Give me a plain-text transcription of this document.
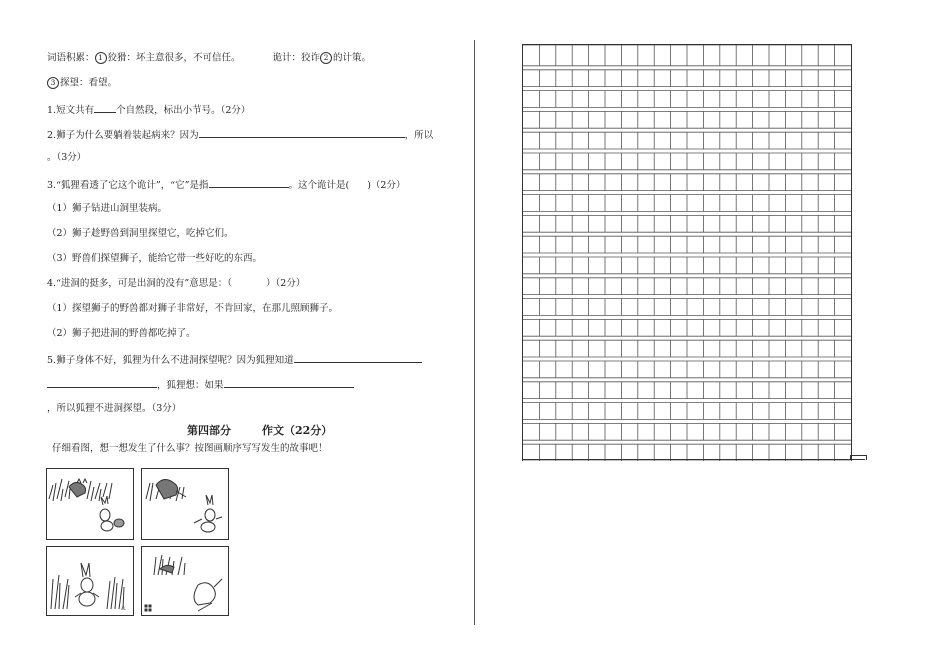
词语积累： 1 狡猾：坏主意很多，不可信任。	诡计：狡诈 2 的计策。
3 探望：看望。
1.短文共有 个自然段，标出小节号。（2分）
2.狮子为什么要躺着装起病来？因为	，所以
。（3分）
3.“狐狸看透了它这个诡计”，“它”是指	。这个诡计是( )（2分）
（1）狮子钻进山洞里装病。
（2）狮子趁野兽到洞里探望它，吃掉它们。
（3）野兽们探望狮子，能给它带一些好吃的东西。
4.“进洞的挺多，可是出洞的没有”意思是：（	）（2分）
（1）探望狮子的野兽都对狮子非常好，不肯回家，在那儿照顾狮子。
（2）狮子把进洞的野兽都吃掉了。
5.狮子身体不好，狐狸为什么不进洞探望呢？因为狐狸知道
，狐狸想：如果
，所以狐狸不进洞探望。（3分）
第四部分	作文（22分）
仔细看图，想一想发生了什么事？按图画顺序写写发生的故事吧！
△
